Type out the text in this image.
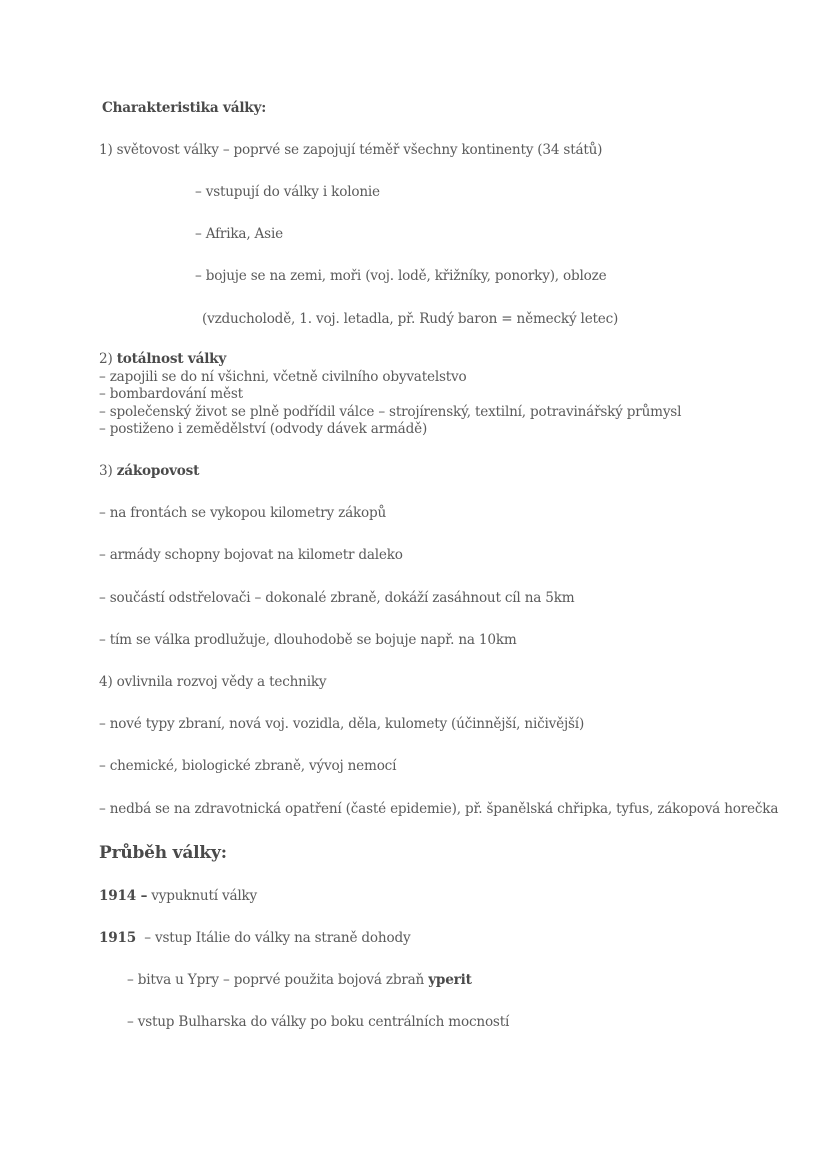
Charakteristika války:
1) světovost války – poprvé se zapojují téměř všechny kontinenty (34 států)
– vstupují do války i kolonie
– Afrika, Asie
– bojuje se na zemi, moři (voj. lodě, křižníky, ponorky), obloze
(vzducholodě, 1. voj. letadla, př. Rudý baron = německý letec)
2) totálnost války
– zapojili se do ní všichni, včetně civilního obyvatelstvo
– bombardování měst
– společenský život se plně podřídil válce – strojírenský, textilní, potravinářský průmysl
– postiženo i zemědělství (odvody dávek armádě)
3) zákopovost
– na frontách se vykopou kilometry zákopů
– armády schopny bojovat na kilometr daleko
– součástí odstřelovači – dokonalé zbraně, dokáží zasáhnout cíl na 5km
– tím se válka prodlužuje, dlouhodobě se bojuje např. na 10km
4) ovlivnila rozvoj vědy a techniky
– nové typy zbraní, nová voj. vozidla, děla, kulomety (účinnější, ničivější)
– chemické, biologické zbraně, vývoj nemocí
– nedbá se na zdravotnická opatření (časté epidemie), př. španělská chřipka, tyfus, zákopová horečka
Průběh války:
1914 – vypuknutí války
1915  – vstup Itálie do války na straně dohody
– bitva u Ypry – poprvé použita bojová zbraň yperit
– vstup Bulharska do války po boku centrálních mocností
